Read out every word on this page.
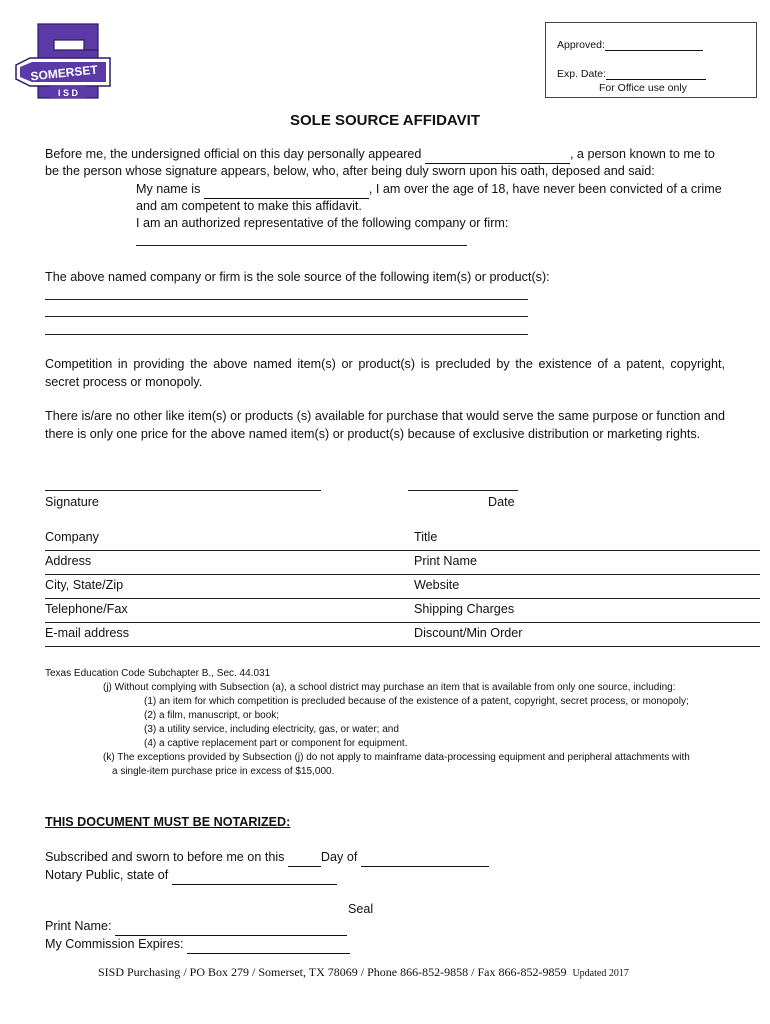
SOMERSET
I S D
Approved:
Exp. Date:
For Office use only
SOLE SOURCE AFFIDAVIT
Before me, the undersigned official on this day personally appeared	, a person known to me to
be the person whose signature appears, below, who, after being duly sworn upon his oath, deposed and said:
My name is	, I am over the age of 18, have never been convicted of a crime
and am competent to make this affidavit.
I am an authorized representative of the following company or firm:
The above named company or firm is the sole source of the following item(s) or product(s):
Competition in providing the above named item(s) or product(s) is precluded by the existence of a patent, copyright, secret process or monopoly.
There is/are no other like item(s) or products (s) available for purchase that would serve the same purpose or function and there is only one price for the above named item(s) or product(s) because of exclusive distribution or marketing rights.
Signature	Date
Company	Title
Address	Print Name
City, State/Zip	Website
Telephone/Fax	Shipping Charges
E-mail address	Discount/Min Order
Texas Education Code Subchapter B., Sec. 44.031
(j) Without complying with Subsection (a), a school district may purchase an item that is available from only one source, including:
(1) an item for which competition is precluded because of the existence of a patent, copyright, secret process, or monopoly;
(2) a film, manuscript, or book;
(3) a utility service, including electricity, gas, or water; and
(4) a captive replacement part or component for equipment.
(k) The exceptions provided by Subsection (j) do not apply to mainframe data-processing equipment and peripheral attachments with
a single-item purchase price in excess of $15,000.
THIS DOCUMENT MUST BE NOTARIZED:
Subscribed and sworn to before me on this	Day of
Notary Public, state of
Seal
Print Name:
My Commission Expires:
SISD Purchasing / PO Box 279 / Somerset, TX 78069 / Phone 866-852-9858 / Fax 866-852-9859 Updated 2017
